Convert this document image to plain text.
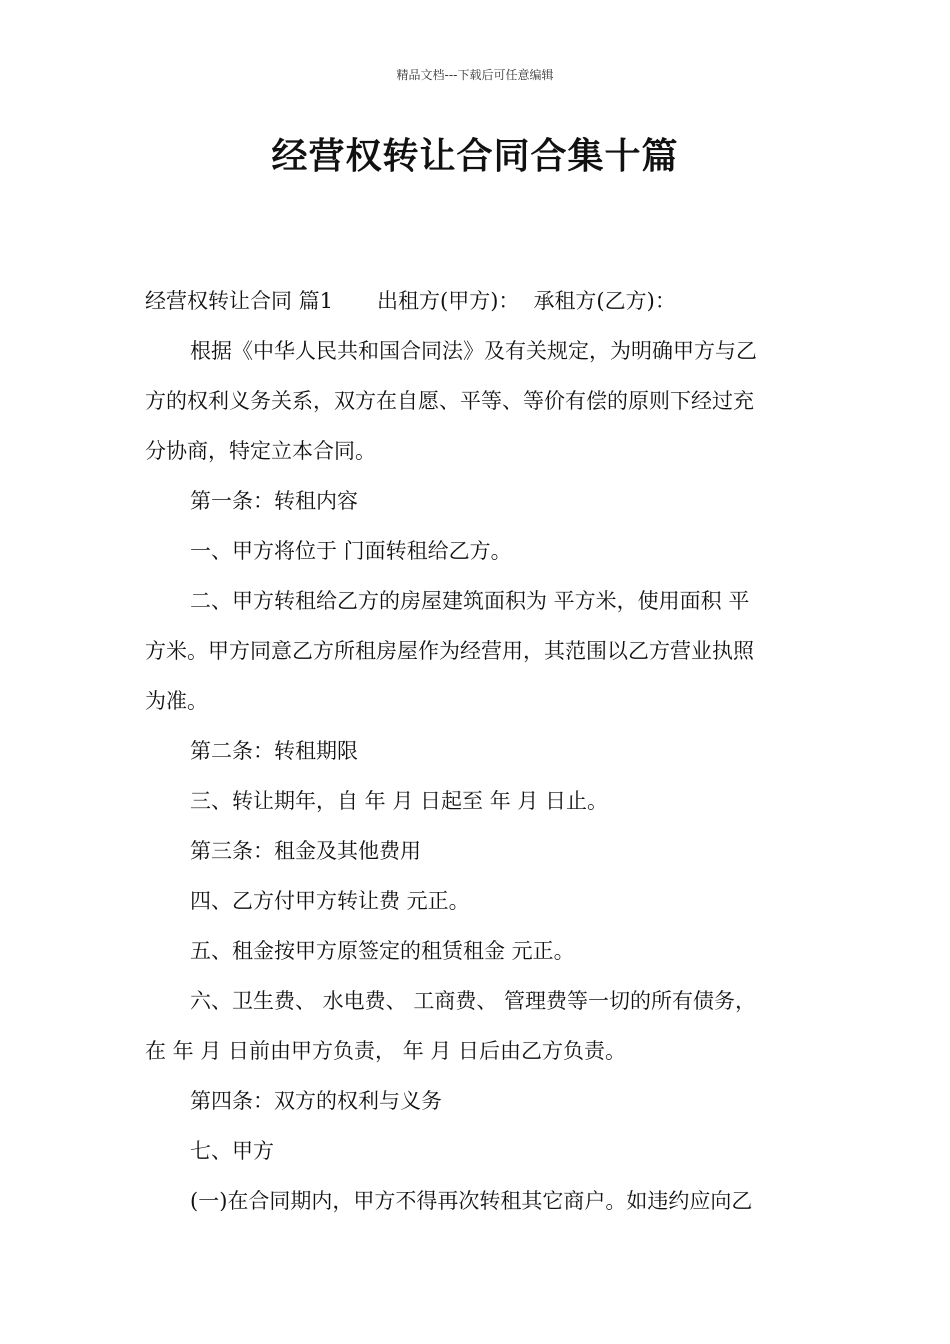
精品文档---下载后可任意编辑
经营权转让合同合集十篇
经营权转让合同 篇1 出租方(甲方)： 承租方(乙方)：
根据《中华人民共和国合同法》及有关规定，为明确甲方与乙
方的权利义务关系，双方在自愿、平等、等价有偿的原则下经过充
分协商，特定立本合同。
第一条：转租内容
一、甲方将位于 门面转租给乙方。
二、甲方转租给乙方的房屋建筑面积为 平方米，使用面积 平
方米。甲方同意乙方所租房屋作为经营用，其范围以乙方营业执照
为准。
第二条：转租期限
三、转让期年，自 年 月 日起至 年 月 日止。
第三条：租金及其他费用
四、乙方付甲方转让费 元正。
五、租金按甲方原签定的租赁租金 元正。
六、卫生费、 水电费、 工商费、 管理费等一切的所有债务，
在 年 月 日前由甲方负责， 年 月 日后由乙方负责。
第四条：双方的权利与义务
七、甲方
(一)在合同期内，甲方不得再次转租其它商户。如违约应向乙
